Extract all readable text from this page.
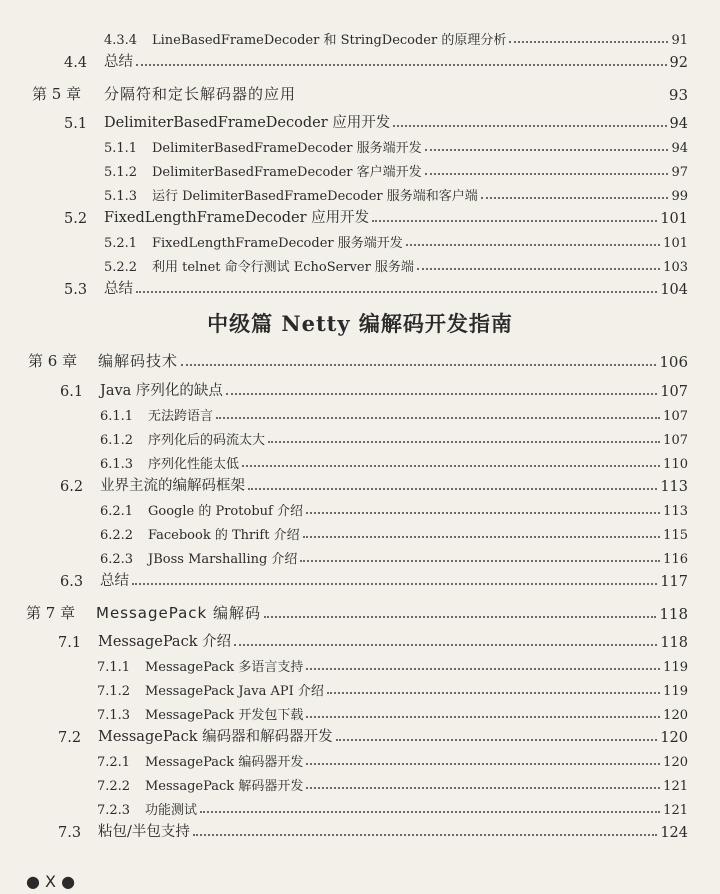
4.3.4	LineBasedFrameDecoder 和 StringDecoder 的原理分析	91
4.4	总结	92
第 5 章	分隔符和定长解码器的应用	93
5.1	DelimiterBasedFrameDecoder 应用开发	94
5.1.1	DelimiterBasedFrameDecoder 服务端开发	94
5.1.2	DelimiterBasedFrameDecoder 客户端开发	97
5.1.3	运行 DelimiterBasedFrameDecoder 服务端和客户端	99
5.2	FixedLengthFrameDecoder 应用开发	101
5.2.1	FixedLengthFrameDecoder 服务端开发	101
5.2.2	利用 telnet 命令行测试 EchoServer 服务端	103
5.3	总结	104
中级篇 Netty 编解码开发指南
第 6 章	编解码技术	106
6.1	Java 序列化的缺点	107
6.1.1	无法跨语言	107
6.1.2	序列化后的码流太大	107
6.1.3	序列化性能太低	110
6.2	业界主流的编解码框架	113
6.2.1	Google 的 Protobuf 介绍	113
6.2.2	Facebook 的 Thrift 介绍	115
6.2.3	JBoss Marshalling 介绍	116
6.3	总结	117
第 7 章	MessagePack 编解码	118
7.1	MessagePack 介绍	118
7.1.1	MessagePack 多语言支持	119
7.1.2	MessagePack Java API 介绍	119
7.1.3	MessagePack 开发包下载	120
7.2	MessagePack 编码器和解码器开发	120
7.2.1	MessagePack 编码器开发	120
7.2.2	MessagePack 解码器开发	121
7.2.3	功能测试	121
7.3	粘包/半包支持	124
● X ●
